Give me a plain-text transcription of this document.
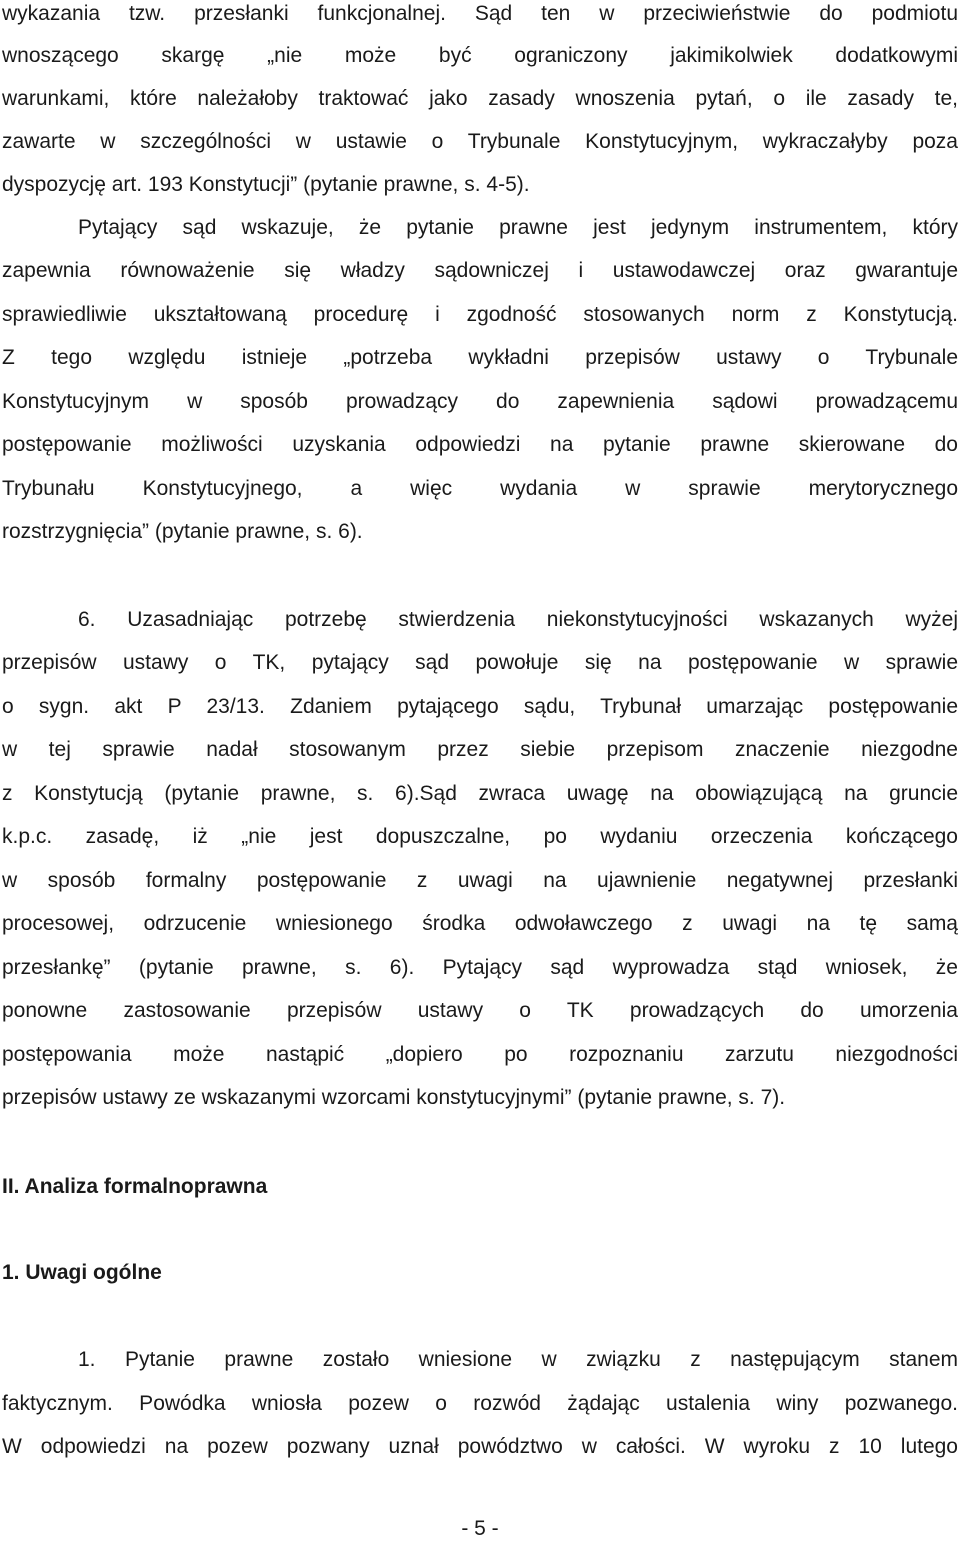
wykazania tzw. przesłanki funkcjonalnej. Sąd ten w przeciwieństwie do podmiotu
wnoszącego skargę „nie może być ograniczony jakimikolwiek dodatkowymi
warunkami, które należałoby traktować jako zasady wnoszenia pytań, o ile zasady te,
zawarte w szczególności w ustawie o Trybunale Konstytucyjnym, wykraczałyby poza
dyspozycję art. 193 Konstytucji” (pytanie prawne, s. 4-5).
Pytający sąd wskazuje, że pytanie prawne jest jedynym instrumentem, który
zapewnia równoważenie się władzy sądowniczej i ustawodawczej oraz gwarantuje
sprawiedliwie ukształtowaną procedurę i zgodność stosowanych norm z Konstytucją.
Z tego względu istnieje „potrzeba wykładni przepisów ustawy o Trybunale
Konstytucyjnym w sposób prowadzący do zapewnienia sądowi prowadzącemu
postępowanie możliwości uzyskania odpowiedzi na pytanie prawne skierowane do
Trybunału Konstytucyjnego, a więc wydania w sprawie merytorycznego
rozstrzygnięcia” (pytanie prawne, s. 6).
6. Uzasadniając potrzebę stwierdzenia niekonstytucyjności wskazanych wyżej
przepisów ustawy o TK, pytający sąd powołuje się na postępowanie w sprawie
o sygn. akt P 23/13. Zdaniem pytającego sądu, Trybunał umarzając postępowanie
w tej sprawie nadał stosowanym przez siebie przepisom znaczenie niezgodne
z Konstytucją (pytanie prawne, s. 6).Sąd zwraca uwagę na obowiązującą na gruncie
k.p.c. zasadę, iż „nie jest dopuszczalne, po wydaniu orzeczenia kończącego
w sposób formalny postępowanie z uwagi na ujawnienie negatywnej przesłanki
procesowej, odrzucenie wniesionego środka odwoławczego z uwagi na tę samą
przesłankę” (pytanie prawne, s. 6). Pytający sąd wyprowadza stąd wniosek, że
ponowne zastosowanie przepisów ustawy o TK prowadzących do umorzenia
postępowania może nastąpić „dopiero po rozpoznaniu zarzutu niezgodności
przepisów ustawy ze wskazanymi wzorcami konstytucyjnymi” (pytanie prawne, s. 7).
II. Analiza formalnoprawna
1. Uwagi ogólne
1. Pytanie prawne zostało wniesione w związku z następującym stanem
faktycznym. Powódka wniosła pozew o rozwód żądając ustalenia winy pozwanego.
W odpowiedzi na pozew pozwany uznał powództwo w całości. W wyroku z 10 lutego
- 5 -
